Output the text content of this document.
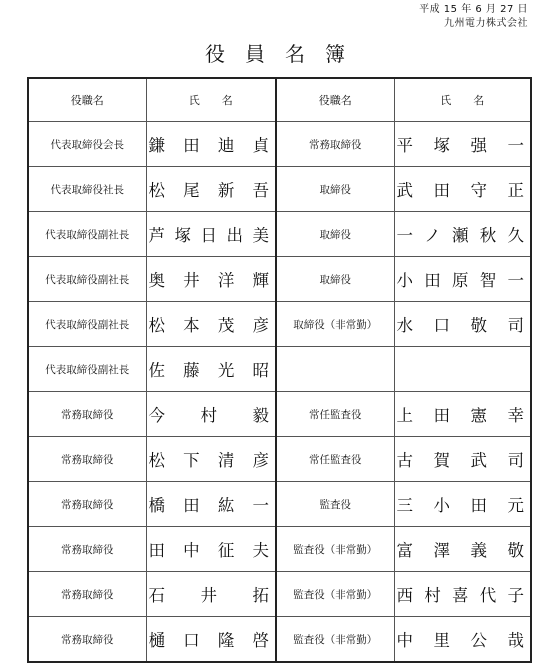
平成 15 年 6 月 27 日
九州電力株式会社
役員名簿
役職名	氏　　名	役職名	氏　　名
代表取締役会長	鎌 田 迪 貞	常務取締役	平 塚 强 一

代表取締役社長	松 尾 新 吾	取締役	武 田 守 正

代表取締役副社長	芦 塚 日 出 美	取締役	一 ノ 瀬 秋 久

代表取締役副社長	奥 井 洋 輝	取締役	小 田 原 智 一

代表取締役副社長	松 本 茂 彦	取締役（非常勤）	水 口 敬 司

代表取締役副社長	佐 藤 光 昭		

常務取締役	今 村 毅	常任監査役	上 田 憲 幸

常務取締役	松 下 清 彦	常任監査役	古 賀 武 司

常務取締役	橋 田 紘 一	監査役	三 小 田 元

常務取締役	田 中 征 夫	監査役（非常勤）	富 澤 義 敬

常務取締役	石 井 拓	監査役（非常勤）	西 村 喜 代 子

常務取締役	樋 口 隆 啓	監査役（非常勤）	中 里 公 哉
